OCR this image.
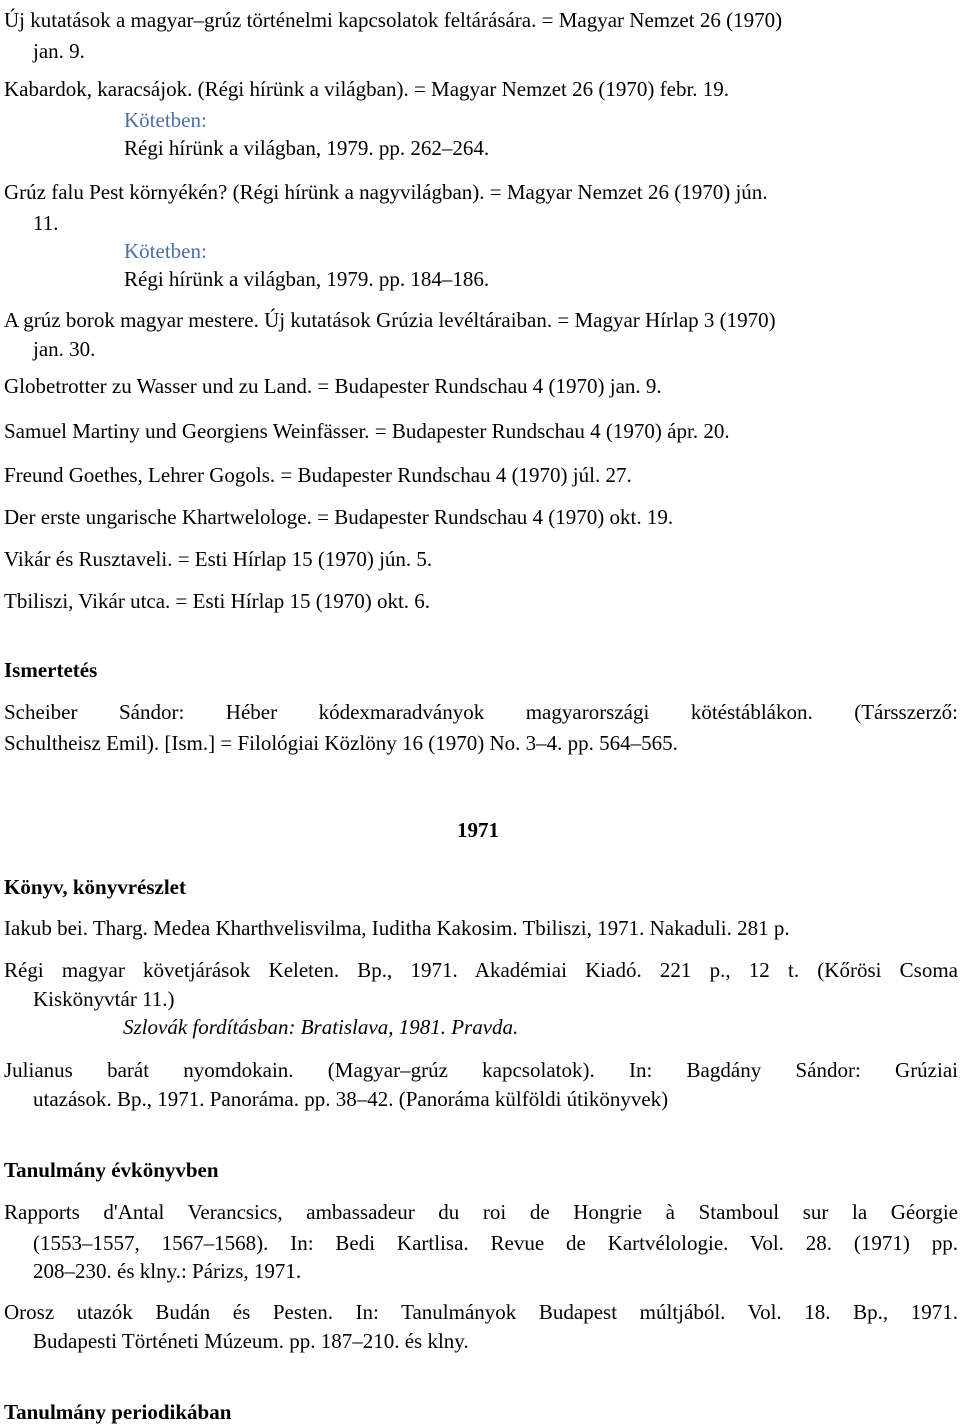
Új kutatások a magyar–grúz történelmi kapcsolatok feltárására. = Magyar Nemzet 26 (1970)
jan. 9.
Kabardok, karacsájok. (Régi hírünk a világban). = Magyar Nemzet 26 (1970) febr. 19.
Kötetben:
Régi hírünk a világban, 1979. pp. 262–264.
Grúz falu Pest környékén? (Régi hírünk a nagyvilágban). = Magyar Nemzet 26 (1970) jún.
11.
Kötetben:
Régi hírünk a világban, 1979. pp. 184–186.
A grúz borok magyar mestere. Új kutatások Grúzia levéltáraiban. = Magyar Hírlap 3 (1970)
jan. 30.
Globetrotter zu Wasser und zu Land. = Budapester Rundschau 4 (1970) jan. 9.
Samuel Martiny und Georgiens Weinfässer. = Budapester Rundschau 4 (1970) ápr. 20.
Freund Goethes, Lehrer Gogols. = Budapester Rundschau 4 (1970) júl. 27.
Der erste ungarische Khartwelologe. = Budapester Rundschau 4 (1970) okt. 19.
Vikár és Rusztaveli. = Esti Hírlap 15 (1970) jún. 5.
Tbiliszi, Vikár utca. = Esti Hírlap 15 (1970) okt. 6.
Ismertetés
Scheiber Sándor: Héber kódexmaradványok magyarországi kötéstáblákon. (Társszerző:
Schultheisz Emil). [Ism.] = Filológiai Közlöny 16 (1970) No. 3–4. pp. 564–565.
1971
Könyv, könyvrészlet
Iakub bei. Tharg. Medea Kharthvelisvilma, Iuditha Kakosim. Tbiliszi, 1971. Nakaduli. 281 p.
Régi magyar követjárások Keleten. Bp., 1971. Akadémiai Kiadó. 221 p., 12 t. (Kőrösi Csoma
Kiskönyvtár 11.)
Szlovák fordításban: Bratislava, 1981. Pravda.
Julianus barát nyomdokain. (Magyar–grúz kapcsolatok). In: Bagdány Sándor: Grúziai
utazások. Bp., 1971. Panoráma. pp. 38–42. (Panoráma külföldi útikönyvek)
Tanulmány évkönyvben
Rapports d'Antal Verancsics, ambassadeur du roi de Hongrie à Stamboul sur la Géorgie
(1553–1557, 1567–1568). In: Bedi Kartlisa. Revue de Kartvélologie. Vol. 28. (1971) pp.
208–230. és klny.: Párizs, 1971.
Orosz utazók Budán és Pesten. In: Tanulmányok Budapest múltjából. Vol. 18. Bp., 1971.
Budapesti Történeti Múzeum. pp. 187–210. és klny.
Tanulmány periodikában
